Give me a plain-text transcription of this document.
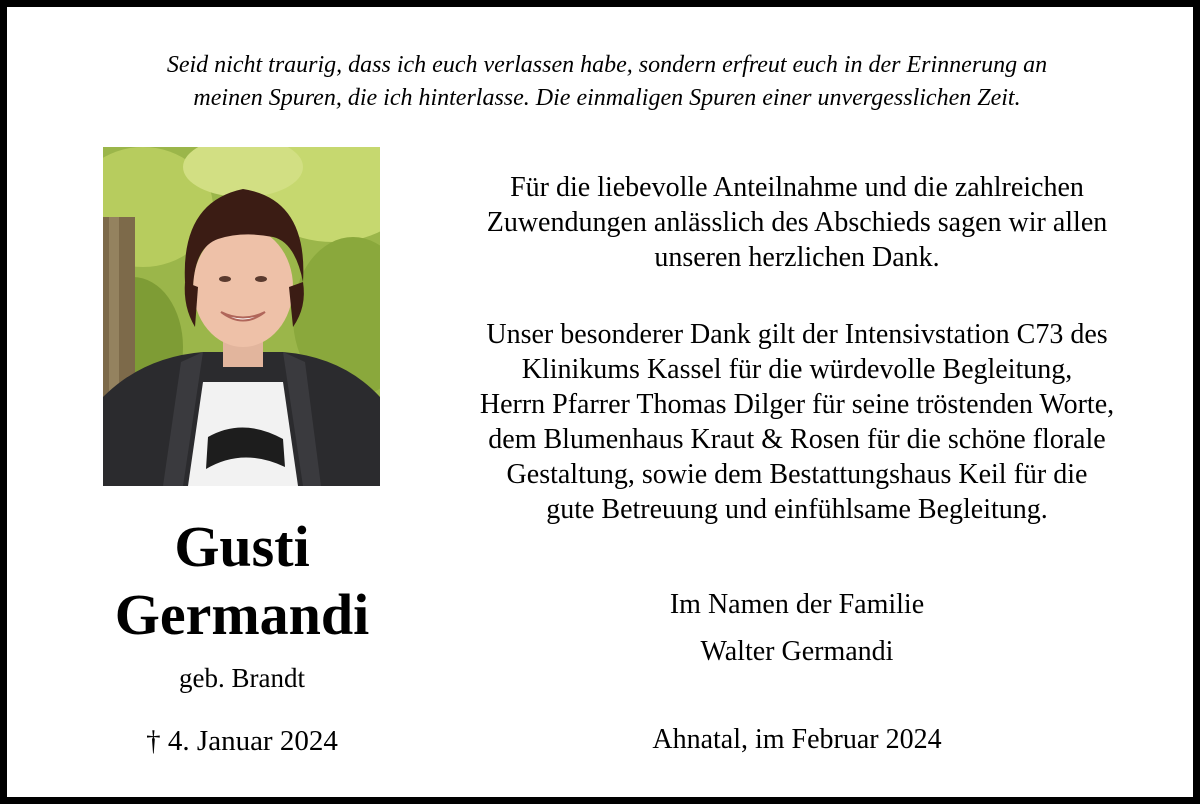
Seid nicht traurig, dass ich euch verlassen habe, sondern erfreut euch in der Erinnerung an
meinen Spuren, die ich hinterlasse. Die einmaligen Spuren einer unvergesslichen Zeit.
Gusti
Germandi
geb. Brandt
† 4. Januar 2024
Für die liebevolle Anteilnahme und die zahlreichen
Zuwendungen anlässlich des Abschieds sagen wir allen
unseren herzlichen Dank.
Unser besonderer Dank gilt der Intensivstation C73 des
Klinikums Kassel für die würdevolle Begleitung,
Herrn Pfarrer Thomas Dilger für seine tröstenden Worte,
dem Blumenhaus Kraut & Rosen für die schöne florale
Gestaltung, sowie dem Bestattungshaus Keil für die
gute Betreuung und einfühlsame Begleitung.
Im Namen der Familie
Walter Germandi
Ahnatal, im Februar 2024
